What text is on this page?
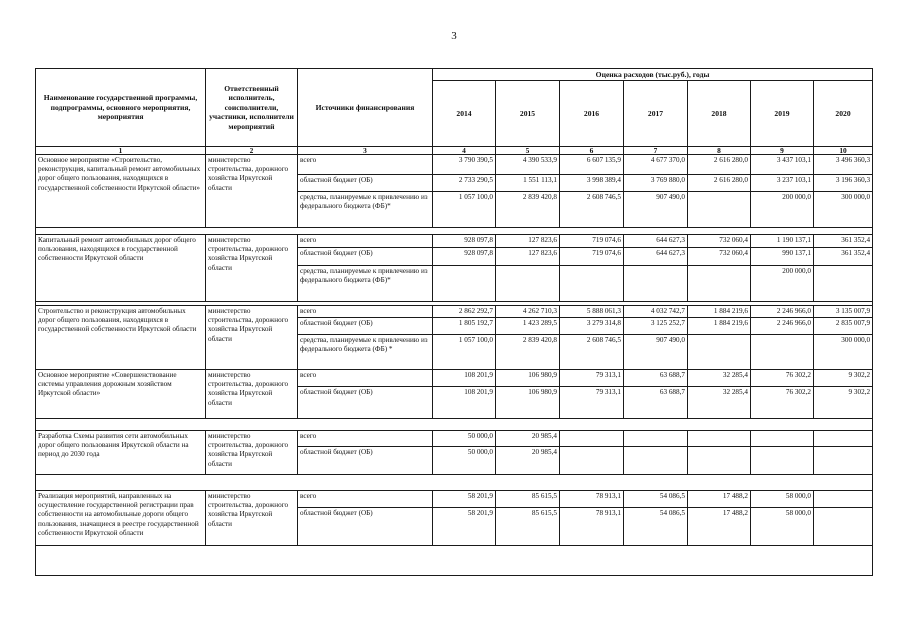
3
Наименование государственной программы, подпрограммы, основного мероприятия, мероприятия	Ответственный исполнитель, соисполнители, участники, исполнители мероприятий	Источники финансирования	Оценка расходов (тыс.руб.), годы						
			2014	2015	2016	2017	2018	2019	2020
1	2	3	4	5	6	7	8	9	10
Основное мероприятие «Строительство, реконструкция, капитальный ремонт автомобильных дорог общего пользования, находящихся в государственной собственности Иркутской области»	министерство строительства, дорожного хозяйства Иркутской области	всего	3 790 390,5	4 390 533,9	6 607 135,9	4 677 370,0	2 616 280,0	3 437 103,1	3 496 360,3
		областной бюджет (ОБ)	2 733 290,5	1 551 113,1	3 998 389,4	3 769 880,0	2 616 280,0	3 237 103,1	3 196 360,3
		средства, планируемые к привлечению из федерального бюджета (ФБ)*	1 057 100,0	2 839 420,8	2 608 746,5	907 490,0		200 000,0	300 000,0

Капитальный ремонт автомобильных дорог общего пользования, находящихся в государственной собственности Иркутской области	министерство строительства, дорожного хозяйства Иркутской области	всего	928 097,8	127 823,6	719 074,6	644 627,3	732 060,4	1 190 137,1	361 352,4
		областной бюджет (ОБ)	928 097,8	127 823,6	719 074,6	644 627,3	732 060,4	990 137,1	361 352,4
		средства, планируемые к привлечению из федерального бюджета (ФБ)*						200 000,0	

Строительство и реконструкция автомобильных дорог общего пользования, находящихся в государственной собственности Иркутской области	министерство строительства, дорожного хозяйства Иркутской области	всего	2 862 292,7	4 262 710,3	5 888 061,3	4 032 742,7	1 884 219,6	2 246 966,0	3 135 007,9
		областной бюджет (ОБ)	1 805 192,7	1 423 289,5	3 279 314,8	3 125 252,7	1 884 219,6	2 246 966,0	2 835 007,9
		средства, планируемые к привлечению из федерального бюджета (ФБ) *	1 057 100,0	2 839 420,8	2 608 746,5	907 490,0			300 000,0
Основное мероприятие «Совершенствование системы управления дорожным хозяйством Иркутской области»	министерство строительства, дорожного хозяйства Иркутской области	всего	108 201,9	106 980,9	79 313,1	63 688,7	32 285,4	76 302,2	9 302,2
		областной бюджет (ОБ)	108 201,9	106 980,9	79 313,1	63 688,7	32 285,4	76 302,2	9 302,2

Разработка Схемы развития сети автомобильных дорог общего пользования Иркутской области на период до 2030 года	министерство строительства, дорожного хозяйства Иркутской области	всего	50 000,0	20 985,4					
		областной бюджет (ОБ)	50 000,0	20 985,4					

Реализация мероприятий, направленных на осуществление государственной регистрации прав собственности на автомобильные дороги общего пользования, значащиеся в реестре государственной собственности Иркутской области	министерство строительства, дорожного хозяйства Иркутской области	всего	58 201,9	85 615,5	78 913,1	54 086,5	17 488,2	58 000,0	
		областной бюджет (ОБ)	58 201,9	85 615,5	78 913,1	54 086,5	17 488,2	58 000,0	
